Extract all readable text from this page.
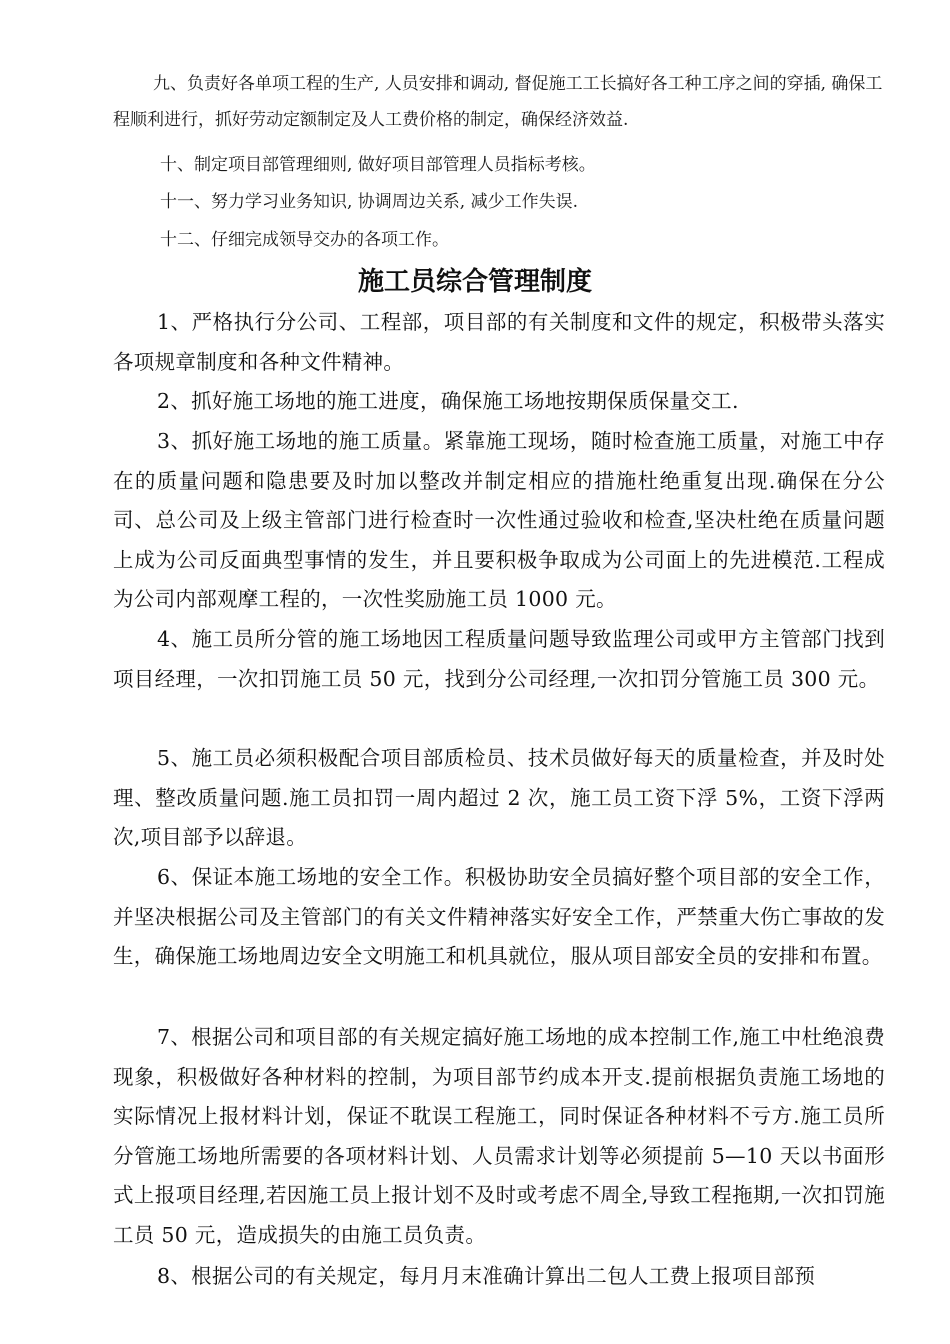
九、负责好各单项工程的生产, 人员安排和调动, 督促施工工长搞好各工种工序之间的穿插, 确保工程顺利进行，抓好劳动定额制定及人工费价格的制定，确保经济效益.
十、制定项目部管理细则, 做好项目部管理人员指标考核。
十一、努力学习业务知识, 协调周边关系, 减少工作失误.
十二、仔细完成领导交办的各项工作。
施工员综合管理制度
1、严格执行分公司、工程部，项目部的有关制度和文件的规定，积极带头落实各项规章制度和各种文件精神。
2、抓好施工场地的施工进度，确保施工场地按期保质保量交工.
3、抓好施工场地的施工质量。紧靠施工现场，随时检查施工质量，对施工中存在的质量问题和隐患要及时加以整改并制定相应的措施杜绝重复出现.确保在分公司、总公司及上级主管部门进行检查时一次性通过验收和检查,坚决杜绝在质量问题上成为公司反面典型事情的发生，并且要积极争取成为公司面上的先进模范.工程成为公司内部观摩工程的，一次性奖励施工员 1000 元。
4、施工员所分管的施工场地因工程质量问题导致监理公司或甲方主管部门找到项目经理，一次扣罚施工员 50 元，找到分公司经理,一次扣罚分管施工员 300 元。
5、施工员必须积极配合项目部质检员、技术员做好每天的质量检查，并及时处理、整改质量问题.施工员扣罚一周内超过 2 次，施工员工资下浮 5%，工资下浮两次,项目部予以辞退。
6、保证本施工场地的安全工作。积极协助安全员搞好整个项目部的安全工作，并坚决根据公司及主管部门的有关文件精神落实好安全工作，严禁重大伤亡事故的发生，确保施工场地周边安全文明施工和机具就位，服从项目部安全员的安排和布置。
7、根据公司和项目部的有关规定搞好施工场地的成本控制工作,施工中杜绝浪费现象，积极做好各种材料的控制，为项目部节约成本开支.提前根据负责施工场地的实际情况上报材料计划，保证不耽误工程施工，同时保证各种材料不亏方.施工员所分管施工场地所需要的各项材料计划、人员需求计划等必须提前 5—10 天以书面形式上报项目经理,若因施工员上报计划不及时或考虑不周全,导致工程拖期,一次扣罚施工员 50 元，造成损失的由施工员负责。
8、根据公司的有关规定，每月月末准确计算出二包人工费上报项目部预
